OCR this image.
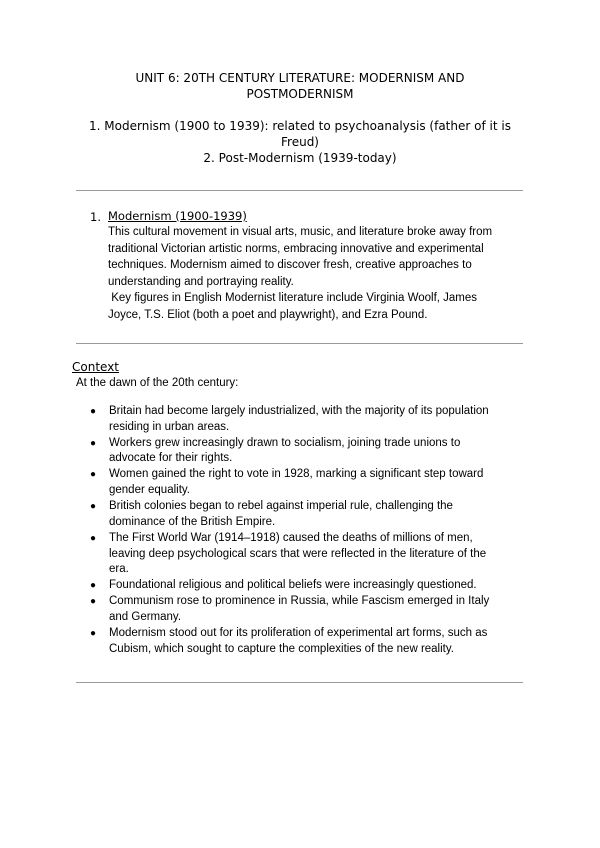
UNIT 6: 20TH CENTURY LITERATURE: MODERNISM AND
POSTMODERNISM
1. Modernism (1900 to 1939): related to psychoanalysis (father of it is
Freud)
2. Post-Modernism (1939-today)
1. Modernism (1900-1939)
This cultural movement in visual arts, music, and literature broke away from
traditional Victorian artistic norms, embracing innovative and experimental
techniques. Modernism aimed to discover fresh, creative approaches to
understanding and portraying reality.
Key figures in English Modernist literature include Virginia Woolf, James
Joyce, T.S. Eliot (both a poet and playwright), and Ezra Pound.
Context
At the dawn of the 20th century:
● Britain had become largely industrialized, with the majority of its population
residing in urban areas.
● Workers grew increasingly drawn to socialism, joining trade unions to
advocate for their rights.
● Women gained the right to vote in 1928, marking a significant step toward
gender equality.
● British colonies began to rebel against imperial rule, challenging the
dominance of the British Empire.
● The First World War (1914–1918) caused the deaths of millions of men,
leaving deep psychological scars that were reflected in the literature of the
era.
● Foundational religious and political beliefs were increasingly questioned.
● Communism rose to prominence in Russia, while Fascism emerged in Italy
and Germany.
● Modernism stood out for its proliferation of experimental art forms, such as
Cubism, which sought to capture the complexities of the new reality.
